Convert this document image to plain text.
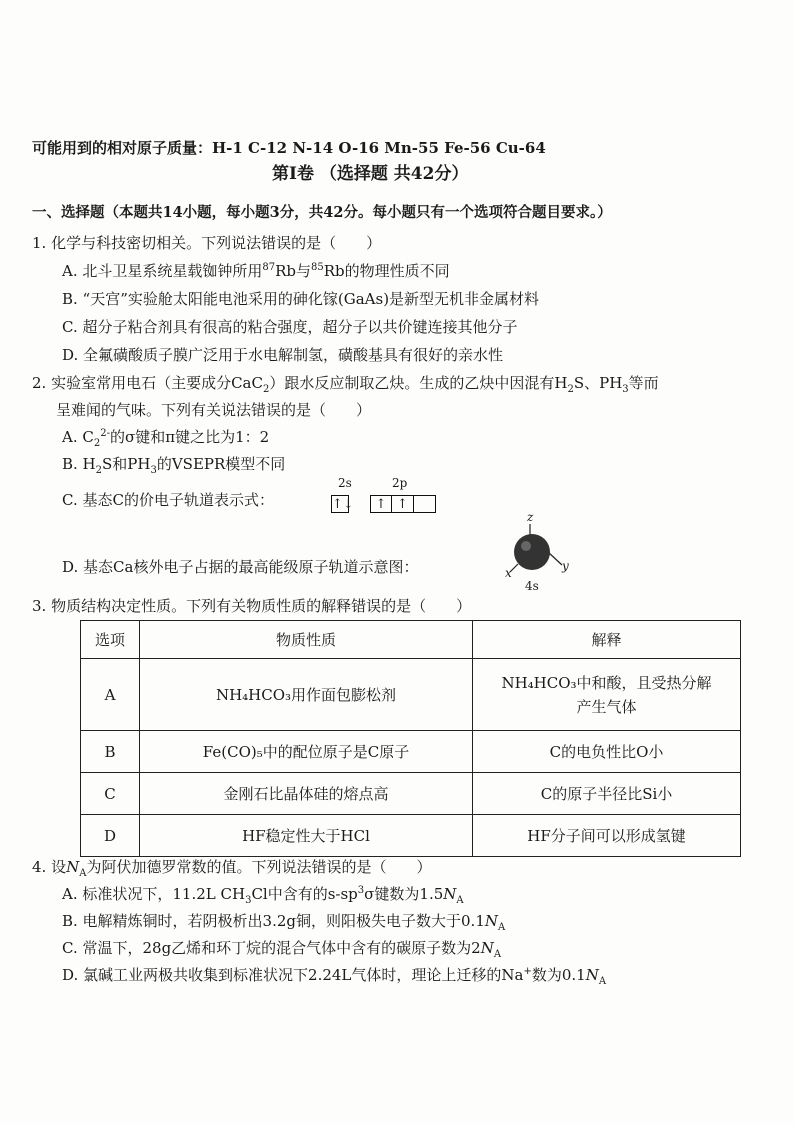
可能用到的相对原子质量：H-1 C-12 N-14 O-16 Mn-55 Fe-56 Cu-64
第Ⅰ卷 （选择题 共42分）
一、选择题（本题共14小题，每小题3分，共42分。每小题只有一个选项符合题目要求。）
1. 化学与科技密切相关。下列说法错误的是（　　）
A. 北斗卫星系统星载铷钟所用$^{87}$Rb与$^{85}$Rb的物理性质不同
B. “天宫”实验舱太阳能电池采用的砷化镓(GaAs)是新型无机非金属材料
C. 超分子粘合剂具有很高的粘合强度，超分子以共价键连接其他分子
D. 全氟磺酸质子膜广泛用于水电解制氢，磺酸基具有很好的亲水性
2. 实验室常用电石（主要成分CaC$_2$）跟水反应制取乙炔。生成的乙炔中因混有$H_2S$、$PH_3$等而
呈难闻的气味。下列有关说法错误的是（　　）
A. $C_2^{2-}$的σ键和π键之比为1：2
B. $H_2S$和$PH_3$的VSEPR模型不同
C. 基态C的价电子轨道表示式：
2s	2p
↑↓	↑ ↑
D. 基态Ca核外电子占据的最高能级原子轨道示意图：
z
x	y
4s
3. 物质结构决定性质。下列有关物质性质的解释错误的是（　　）
选项	物质性质	解释
A	NH₄HCO₃用作面包膨松剂	NH₄HCO₃中和酸，且受热分解产生气体
B	Fe(CO)₅中的配位原子是C原子	C的电负性比O小
C	金刚石比晶体硅的熔点高	C的原子半径比Si小
D	HF稳定性大于HCl	HF分子间可以形成氢键
4. 设$N_A$为阿伏加德罗常数的值。下列说法错误的是（　　）
A. 标准状况下，11.2L $CH_3Cl$中含有的$s-sp^3\sigma$键数为$1.5N_A$
B. 电解精炼铜时，若阴极析出3.2g铜，则阳极失电子数大于$0.1N_A$
C. 常温下，28g乙烯和环丁烷的混合气体中含有的碳原子数为$2N_A$
D. 氯碱工业两极共收集到标准状况下2.24L气体时，理论上迁移的Na+数为$0.1N_A$
